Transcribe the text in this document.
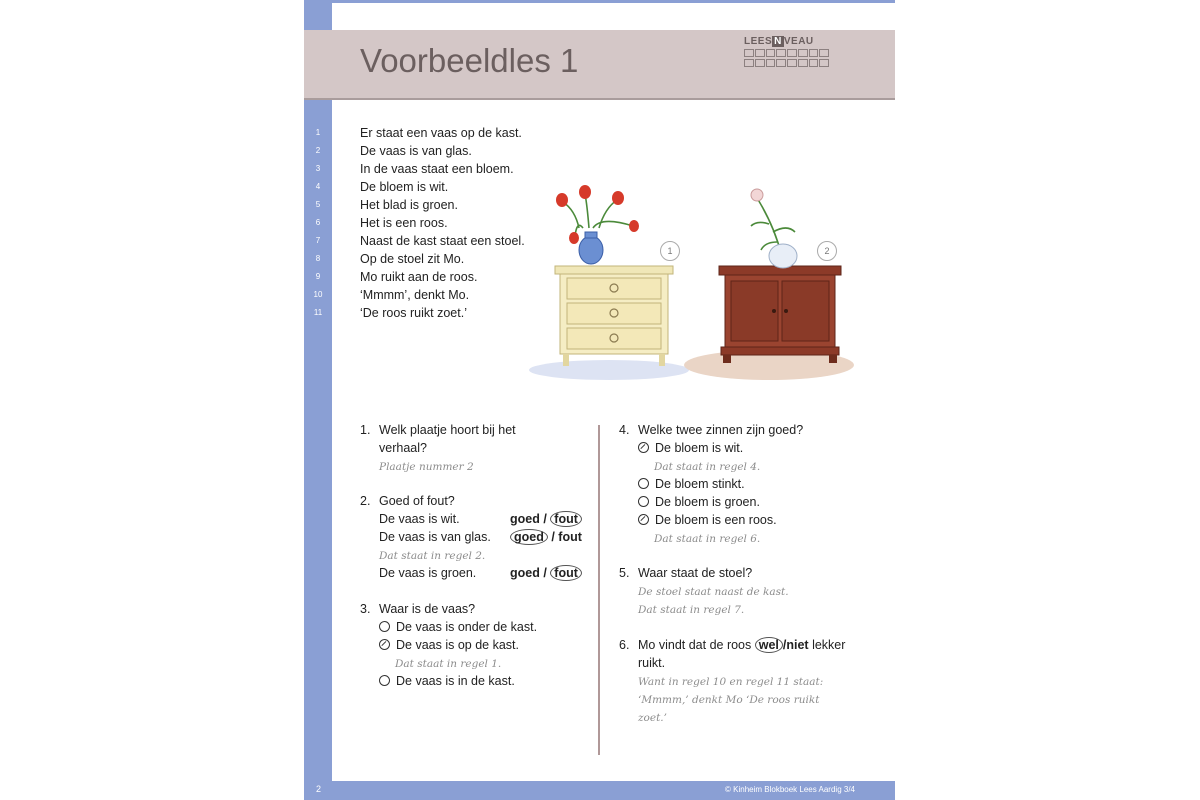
Voorbeeldles 1
LEES N VEAU
1
2
3
4
5
6
7
8
9
10
11
Er staat een vaas op de kast.
De vaas is van glas.
In de vaas staat een bloem.
De bloem is wit.
Het blad is groen.
Het is een roos.
Naast de kast staat een stoel.
Op de stoel zit Mo.
Mo ruikt aan de roos.
‘Mmmm’, denkt Mo.
‘De roos ruikt zoet.’
1	2
1. Welk plaatje hoort bij het
verhaal?
Plaatje nummer 2
2. Goed of fout?
De vaas is wit.	goed / fout
De vaas is van glas.	goed / fout
Dat staat in regel 2.
De vaas is groen.	goed / fout
3. Waar is de vaas?
De vaas is onder de kast.
De vaas is op de kast.
Dat staat in regel 1.
De vaas is in de kast.
4. Welke twee zinnen zijn goed?
De bloem is wit.
Dat staat in regel 4.
De bloem stinkt.
De bloem is groen.
De bloem is een roos.
Dat staat in regel 6.
5. Waar staat de stoel?
De stoel staat naast de kast.
Dat staat in regel 7.
6. Mo vindt dat de roos wel /niet lekker
ruikt.
Want in regel 10 en regel 11 staat:
‘Mmmm,’ denkt Mo ‘De roos ruikt
zoet.’
2	© Kinheim Blokboek Lees Aardig 3/4
